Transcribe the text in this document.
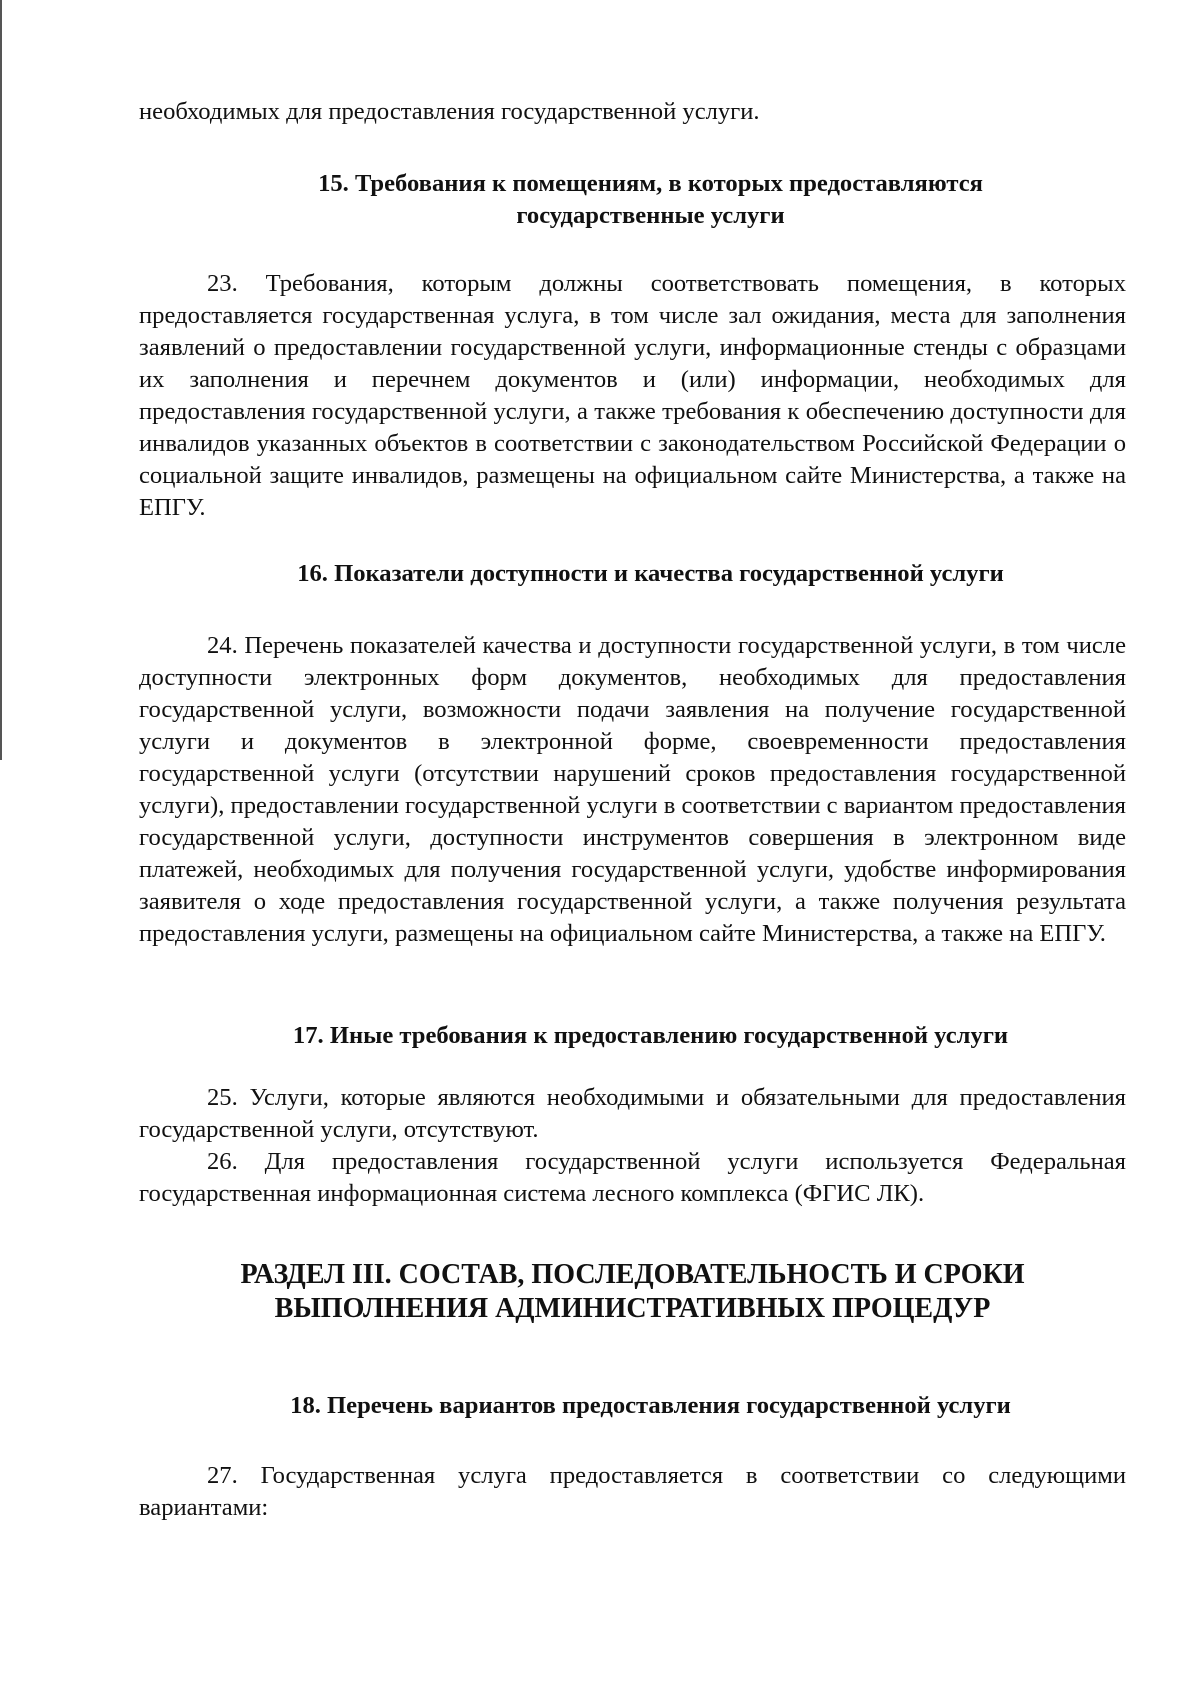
необходимых для предоставления государственной услуги.

15. Требования к помещениям, в которых предоставляются

государственные услуги

23. Требования, которым должны соответствовать помещения, в которых предоставляется государственная услуга, в том числе зал ожидания, места для заполнения заявлений о предоставлении государственной услуги, информационные стенды с образцами их заполнения и перечнем документов и (или) информации, необходимых для предоставления государственной услуги, а также требования к обеспечению доступности для инвалидов указанных объектов в соответствии с законодательством Российской Федерации о социальной защите инвалидов, размещены на официальном сайте Министерства, а также на ЕПГУ.

16. Показатели доступности и качества государственной услуги

24. Перечень показателей качества и доступности государственной услуги, в том числе доступности электронных форм документов, необходимых для предоставления государственной услуги, возможности подачи заявления на получение государственной услуги и документов в электронной форме, своевременности предоставления государственной услуги (отсутствии нарушений сроков предоставления государственной услуги), предоставлении государственной услуги в соответствии с вариантом предоставления государственной услуги, доступности инструментов совершения в электронном виде платежей, необходимых для получения государственной услуги, удобстве информирования заявителя о ходе предоставления государственной услуги, а также получения результата предоставления услуги, размещены на официальном сайте Министерства, а также на ЕПГУ.

17. Иные требования к предоставлению государственной услуги

25. Услуги, которые являются необходимыми и обязательными для предоставления государственной услуги, отсутствуют.

26. Для предоставления государственной услуги используется Федеральная государственная информационная система лесного комплекса (ФГИС ЛК).

РАЗДЕЛ III. СОСТАВ, ПОСЛЕДОВАТЕЛЬНОСТЬ И СРОКИ

ВЫПОЛНЕНИЯ АДМИНИСТРАТИВНЫХ ПРОЦЕДУР

18. Перечень вариантов предоставления государственной услуги

27. Государственная услуга предоставляется в соответствии со следующими вариантами:
